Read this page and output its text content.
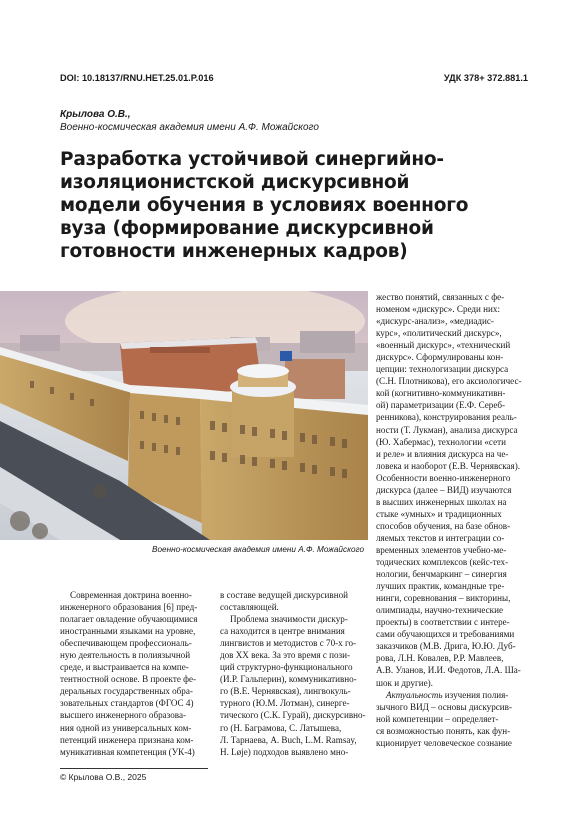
DOI: 10.18137/RNU.HET.25.01.P.016	УДК 378+ 372.881.1
Крылова О.В.,
Военно-космическая академия имени А.Ф. Можайского
Разработка устойчивой синергийно-
изоляционистской дискурсивной
модели обучения в условиях военного
вуза (формирование дискурсивной
готовности инженерных кадров)
Военно-космическая академия имени А.Ф. Можайского
Современная доктрина военно-
инженерного образования [6] пред-
полагает овладение обучающимися
иностранными языками на уровне,
обеспечивающем профессиональ-
ную деятельность в полиязычной
среде, и выстраивается на компе-
тентностной основе. В проекте фе-
деральных государственных обра-
зовательных стандартов (ФГОС 4)
высшего инженерного образова-
ния одной из универсальных ком-
петенций инженера признана ком-
муникативная компетенция (УК-4)
в составе ведущей дискурсивной
составляющей.
Проблема значимости дискур-
са находится в центре внимания
лингвистов и методистов с 70-х го-
дов XX века. За это время с пози-
ций структурно-функционального
(И.Р. Гальперин), коммуникативно-
го (В.Е. Чернявская), лингвокуль-
турного (Ю.М. Лотман), синерге-
тического (С.К. Гурай), дискурсивно-
го (Н. Баграмова, С. Латышева,
Л. Тарнаева, A. Buch, L.M. Ramsay,
H. Løje) подходов выявлено мно-
жество понятий, связанных с фе-
номеном «дискурс». Среди них:
«дискурс-анализ», «медиадис-
курс», «политический дискурс»,
«военный дискурс», «технический
дискурс». Сформулированы кон-
цепции: технологизации дискурса
(С.Н. Плотникова), его аксиологичес-
кой (когнитивно-коммуникативн-
ой) параметризации (Е.Ф. Сереб-
ренникова), конструирования реаль-
ности (Т. Лукман), анализа дискурса
(Ю. Хабермас), технологии «сети
и реле» и влияния дискурса на че-
ловека и наоборот (Е.В. Чернявская).
Особенности военно-инженерного
дискурса (далее – ВИД) изучаются
в высших инженерных школах на
стыке «умных» и традиционных
способов обучения, на базе обнов-
ляемых текстов и интеграции со-
временных элементов учебно-ме-
тодических комплексов (кейс-тех-
нологии, бенчмаркинг – синергия
лучших практик, командные тре-
нинги, соревнования – викторины,
олимпиады, научно-технические
проекты) в соответствии с интере-
сами обучающихся и требованиями
заказчиков (М.В. Дрига, Ю.Ю. Дуб-
рова, Л.Н. Ковалев, Р.Р. Мавлеев,
А.В. Уланов, И.И. Федотов, Л.А. Ша-
шок и другие).
Актуальность изучения полия-
зычного ВИД – основы дискурсив-
ной компетенции – определяет-
ся возможностью понять, как фун-
кционирует человеческое сознание
© Крылова О.В., 2025
